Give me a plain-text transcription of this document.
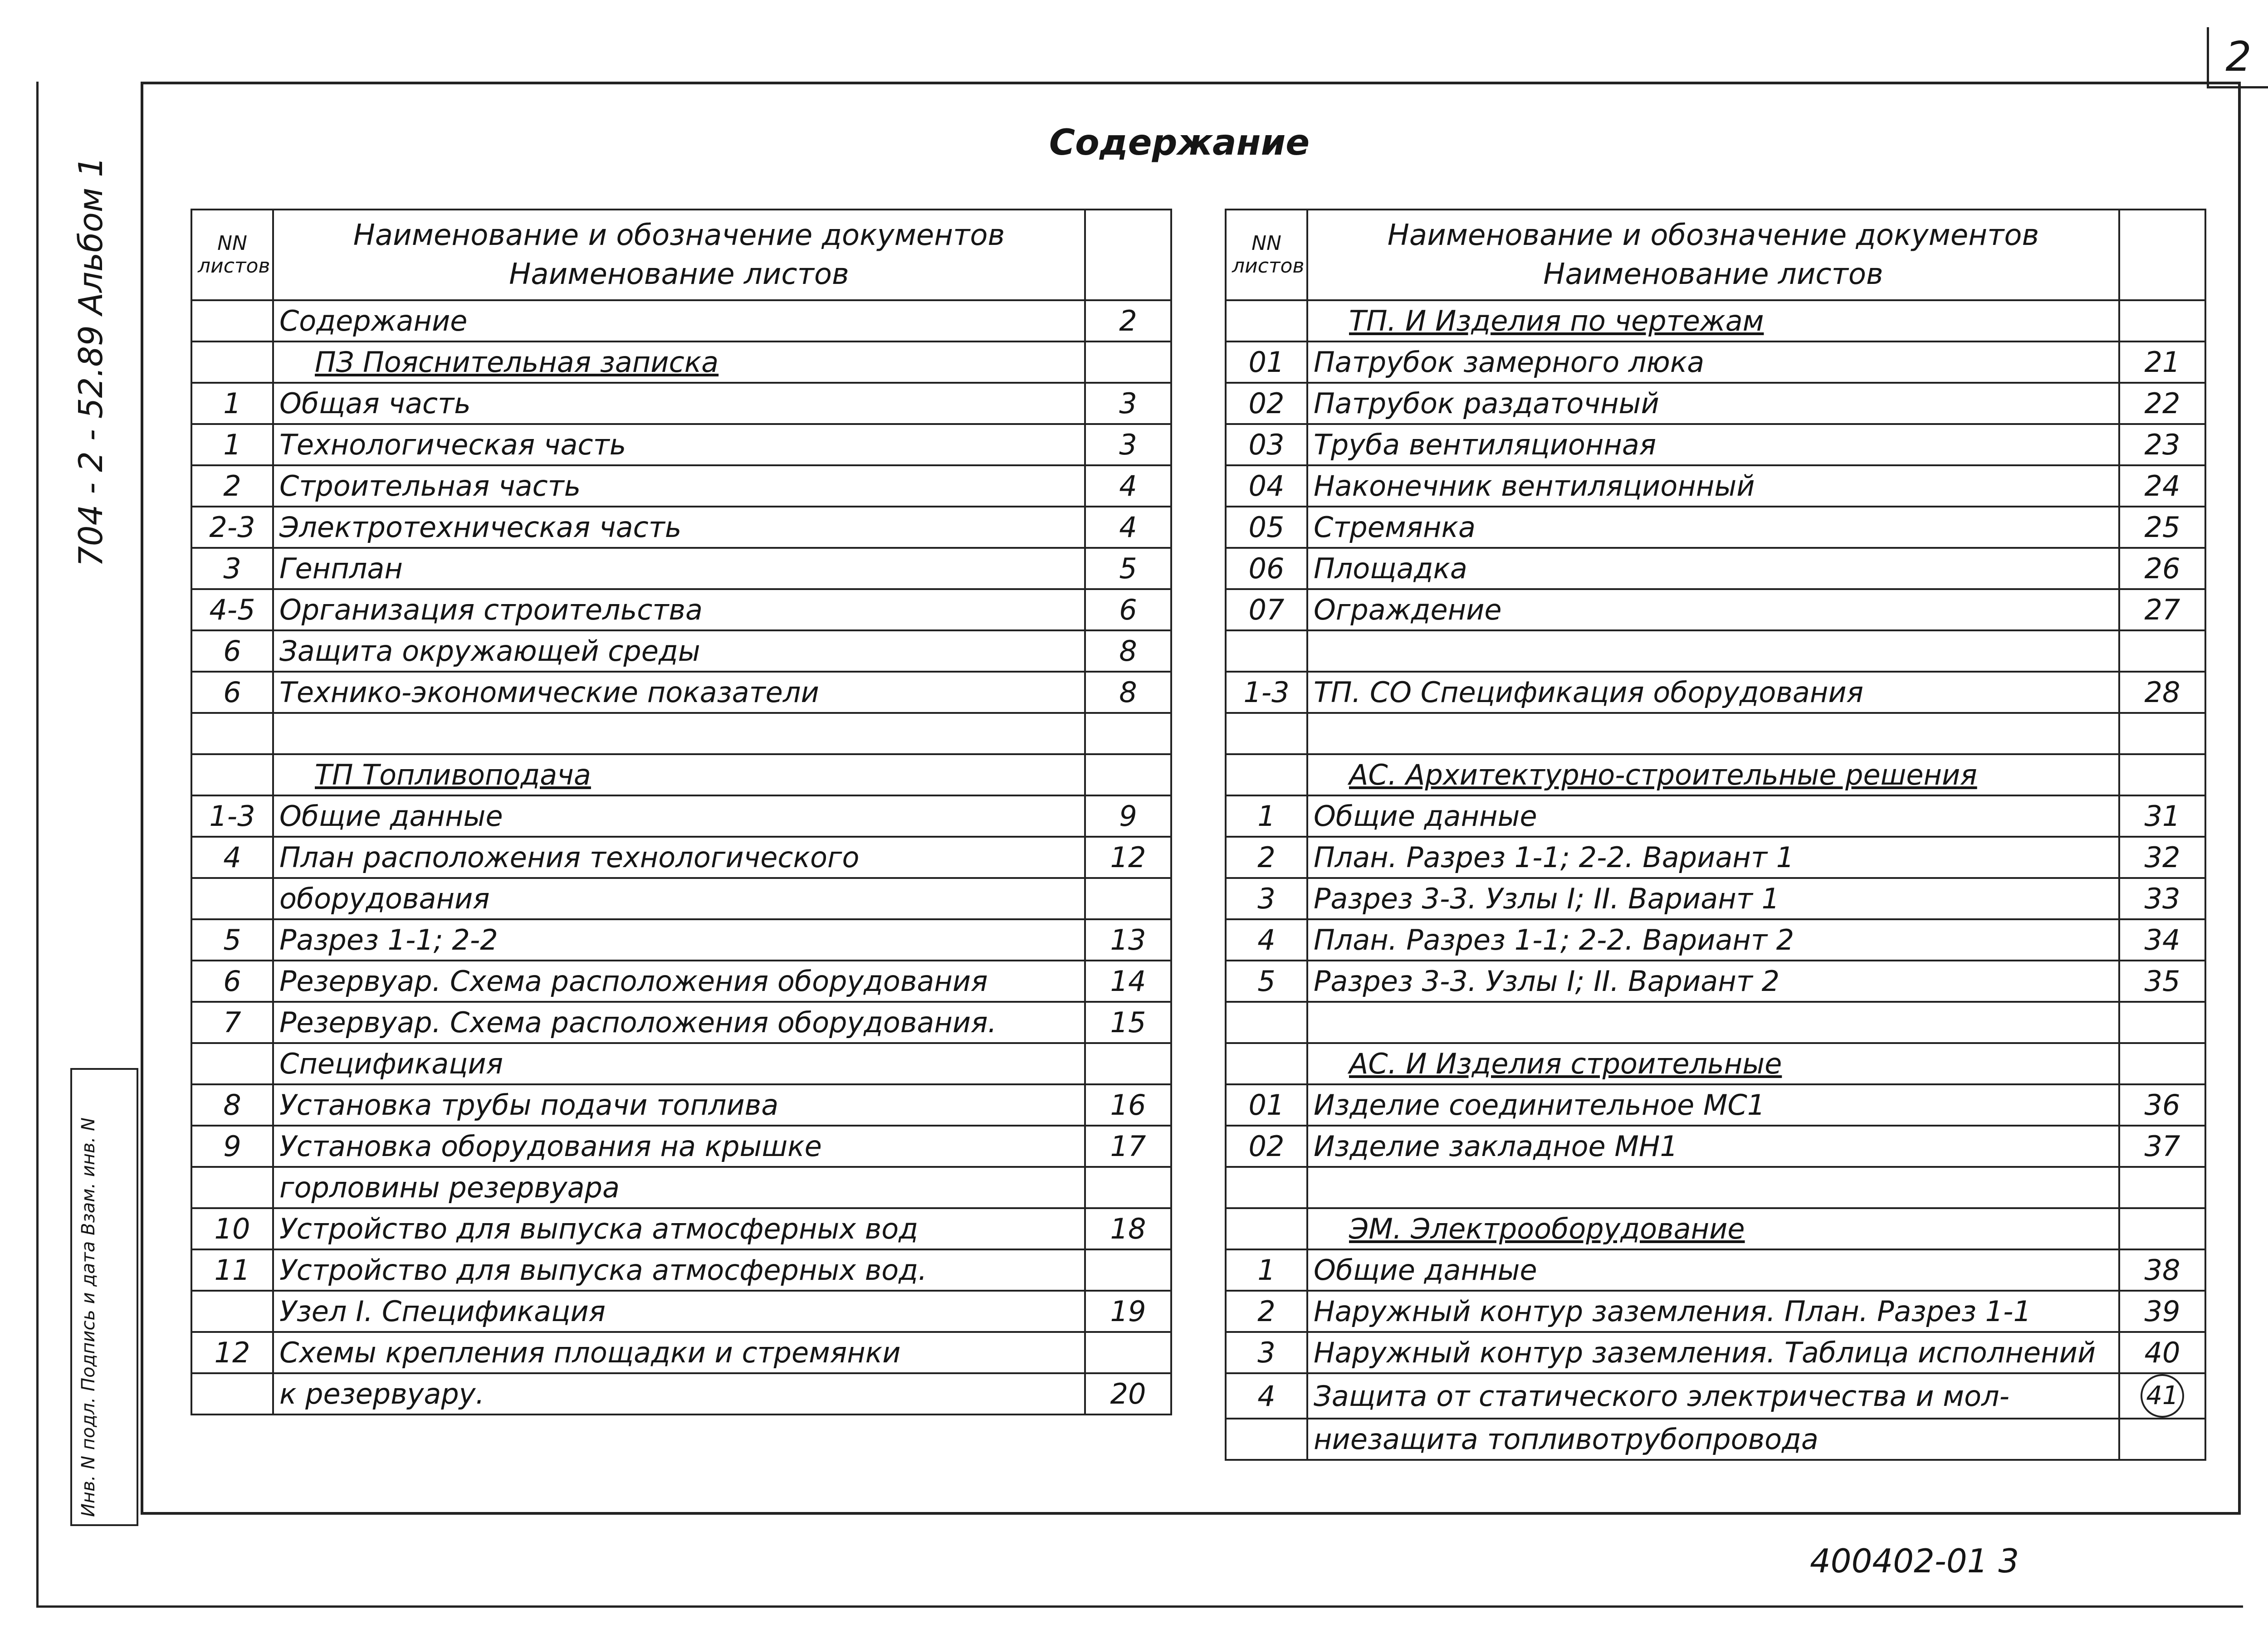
2
704 - 2 - 52.89 Альбом 1
Инв. N подл. Подпись и дата Взам. инв. N
Содержание
NN листов	Наименование и обозначение документов
Наименование листов	

	Содержание	2
	ПЗ Пояснительная записка	
1	Общая часть	3
1	Технологическая часть	3
2	Строительная часть	4
2-3	Электротехническая часть	4
3	Генплан	5
4-5	Организация строительства	6
6	Защита окружающей среды	8
6	Технико-экономические показатели	8

	ТП Топливоподача	
1-3	Общие данные	9
4	План расположения технологического	12
	оборудования	
5	Разрез 1-1; 2-2	13
6	Резервуар. Схема расположения оборудования	14
7	Резервуар. Схема расположения оборудования.	15
	Спецификация	
8	Установка трубы подачи топлива	16
9	Установка оборудования на крышке	17
	горловины резервуара	
10	Устройство для выпуска атмосферных вод	18
11	Устройство для выпуска атмосферных вод.	
	Узел I. Спецификация	19
12	Схемы крепления площадки и стремянки	
	к резервуару.	20
NN листов	Наименование и обозначение документов
Наименование листов	

	ТП. И Изделия по чертежам	
01	Патрубок замерного люка	21
02	Патрубок раздаточный	22
03	Труба вентиляционная	23
04	Наконечник вентиляционный	24
05	Стремянка	25
06	Площадка	26
07	Ограждение	27

1-3	ТП. СО Спецификация оборудования	28

	АС. Архитектурно-строительные решения	
1	Общие данные	31
2	План. Разрез 1-1; 2-2. Вариант 1	32
3	Разрез 3-3. Узлы I; II. Вариант 1	33
4	План. Разрез 1-1; 2-2. Вариант 2	34
5	Разрез 3-3. Узлы I; II. Вариант 2	35

	АС. И Изделия строительные	
01	Изделие соединительное МС1	36
02	Изделие закладное МН1	37

	ЭМ. Электрооборудование	
1	Общие данные	38
2	Наружный контур заземления. План. Разрез 1-1	39
3	Наружный контур заземления. Таблица исполнений	40
4	Защита от статического электричества и мол-	41
	ниезащита топливотрубопровода	
400402-01 3
